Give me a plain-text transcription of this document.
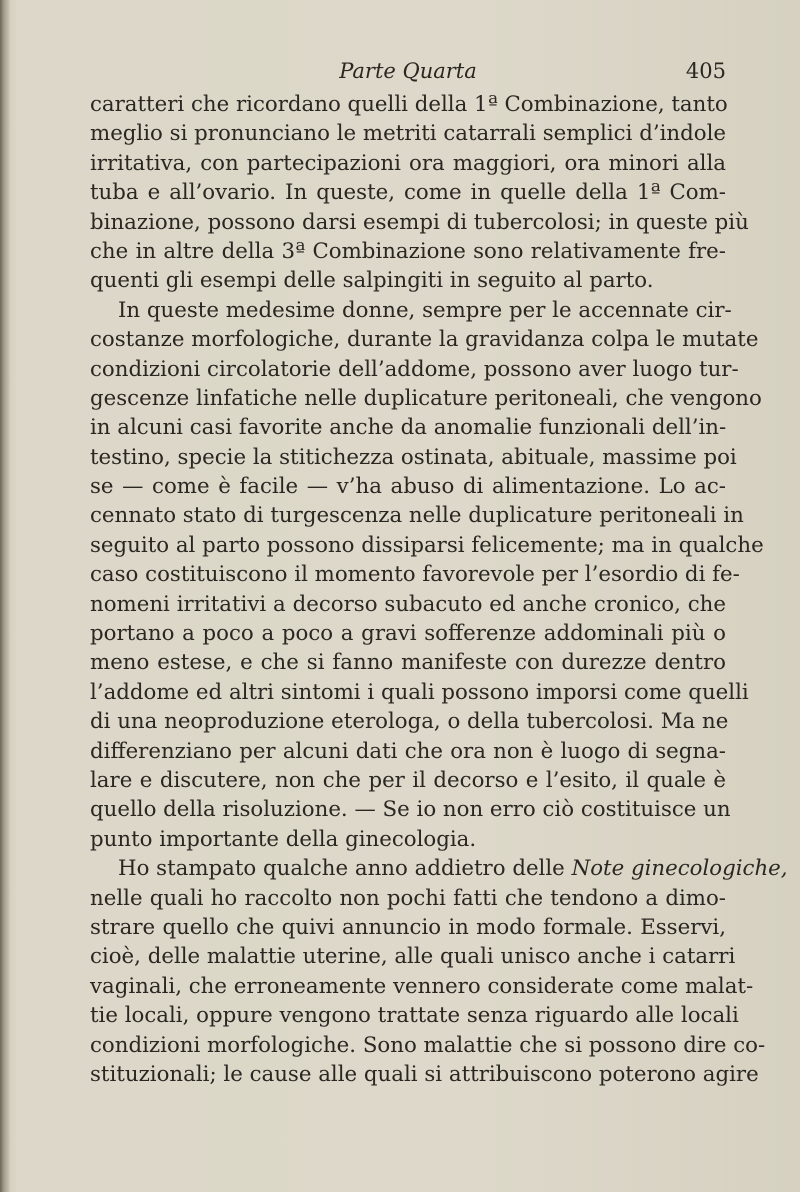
Parte Quarta	405
caratteri che ricordano quelli della 1ª Combinazione, tanto
meglio si pronunciano le metriti catarrali semplici d’indole
irritativa, con partecipazioni ora maggiori, ora minori alla
tuba e all’ovario. In queste, come in quelle della 1ª Com-
binazione, possono darsi esempi di tubercolosi; in queste più
che in altre della 3ª Combinazione sono relativamente fre-
quenti gli esempi delle salpingiti in seguito al parto.
In queste medesime donne, sempre per le accennate cir-
costanze morfologiche, durante la gravidanza colpa le mutate
condizioni circolatorie dell’addome, possono aver luogo tur-
gescenze linfatiche nelle duplicature peritoneali, che vengono
in alcuni casi favorite anche da anomalie funzionali dell’in-
testino, specie la stitichezza ostinata, abituale, massime poi
se — come è facile — v’ha abuso di alimentazione. Lo ac-
cennato stato di turgescenza nelle duplicature peritoneali in
seguito al parto possono dissiparsi felicemente; ma in qualche
caso costituiscono il momento favorevole per l’esordio di fe-
nomeni irritativi a decorso subacuto ed anche cronico, che
portano a poco a poco a gravi sofferenze addominali più o
meno estese, e che si fanno manifeste con durezze dentro
l’addome ed altri sintomi i quali possono imporsi come quelli
di una neoproduzione eterologa, o della tubercolosi. Ma ne
differenziano per alcuni dati che ora non è luogo di segna-
lare e discutere, non che per il decorso e l’esito, il quale è
quello della risoluzione. — Se io non erro ciò costituisce un
punto importante della ginecologia.
Ho stampato qualche anno addietro delle Note ginecologiche,
nelle quali ho raccolto non pochi fatti che tendono a dimo-
strare quello che quivi annuncio in modo formale. Esservi,
cioè, delle malattie uterine, alle quali unisco anche i catarri
vaginali, che erroneamente vennero considerate come malat-
tie locali, oppure vengono trattate senza riguardo alle locali
condizioni morfologiche. Sono malattie che si possono dire co-
stituzionali; le cause alle quali si attribuiscono poterono agire
